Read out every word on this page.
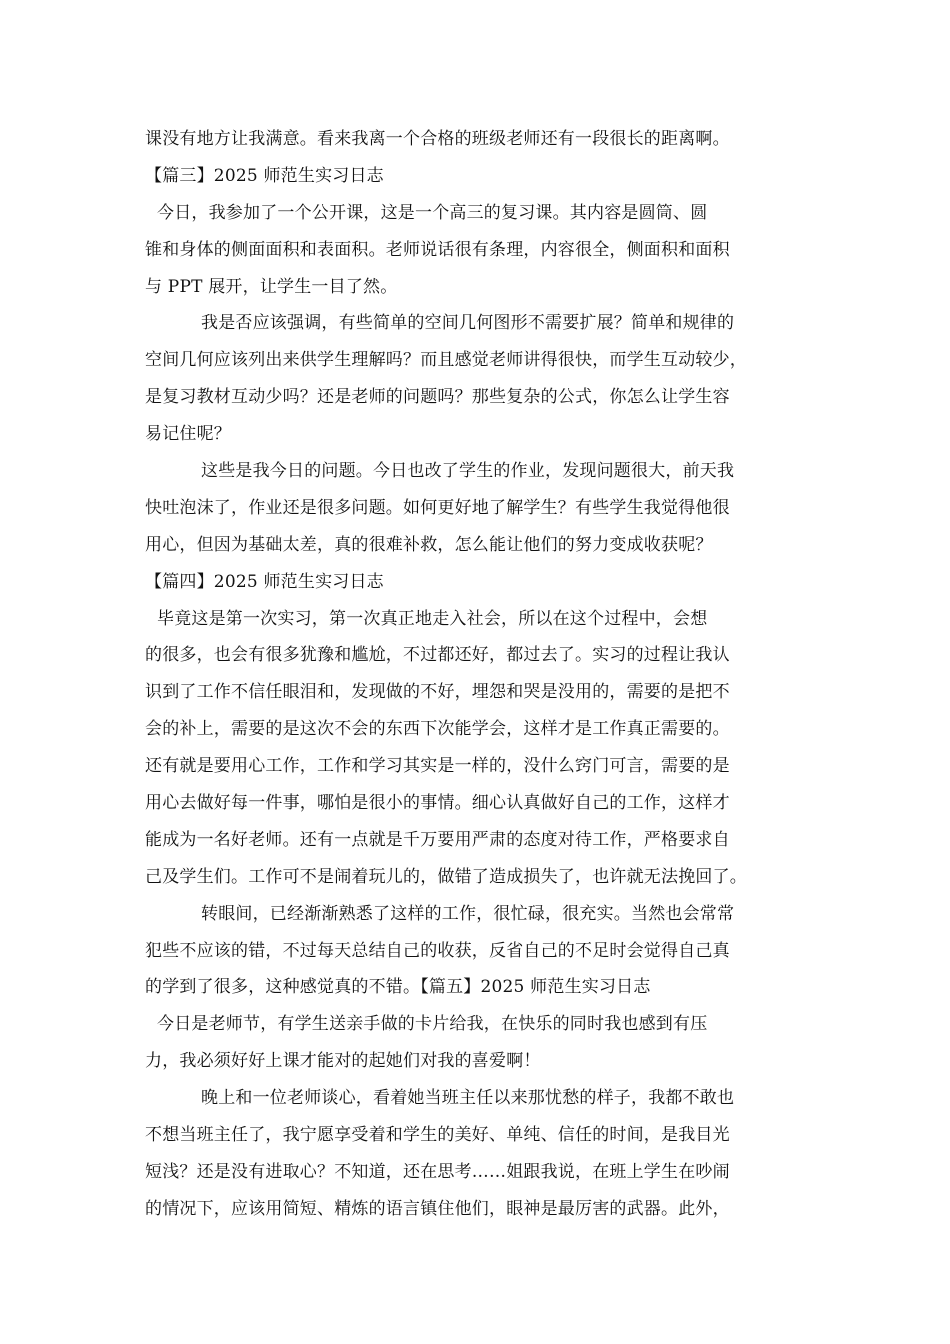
课没有地方让我满意。看来我离一个合格的班级老师还有一段很长的距离啊。
【篇三】2025 师范生实习日志
今日，我参加了一个公开课，这是一个高三的复习课。其内容是圆筒、圆
锥和身体的侧面面积和表面积。老师说话很有条理，内容很全，侧面积和面积
与 PPT 展开，让学生一目了然。
我是否应该强调，有些简单的空间几何图形不需要扩展？简单和规律的
空间几何应该列出来供学生理解吗？而且感觉老师讲得很快，而学生互动较少，
是复习教材互动少吗？还是老师的问题吗？那些复杂的公式，你怎么让学生容
易记住呢？
这些是我今日的问题。今日也改了学生的作业，发现问题很大，前天我
快吐泡沫了，作业还是很多问题。如何更好地了解学生？有些学生我觉得他很
用心，但因为基础太差，真的很难补救，怎么能让他们的努力变成收获呢？
【篇四】2025 师范生实习日志
毕竟这是第一次实习，第一次真正地走入社会，所以在这个过程中，会想
的很多，也会有很多犹豫和尴尬，不过都还好，都过去了。实习的过程让我认
识到了工作不信任眼泪和，发现做的不好，埋怨和哭是没用的，需要的是把不
会的补上，需要的是这次不会的东西下次能学会，这样才是工作真正需要的。
还有就是要用心工作，工作和学习其实是一样的，没什么窍门可言，需要的是
用心去做好每一件事，哪怕是很小的事情。细心认真做好自己的工作，这样才
能成为一名好老师。还有一点就是千万要用严肃的态度对待工作，严格要求自
己及学生们。工作可不是闹着玩儿的，做错了造成损失了，也许就无法挽回了。
转眼间，已经渐渐熟悉了这样的工作，很忙碌，很充实。当然也会常常
犯些不应该的错，不过每天总结自己的收获，反省自己的不足时会觉得自己真
的学到了很多，这种感觉真的不错。【篇五】2025 师范生实习日志
今日是老师节，有学生送亲手做的卡片给我，在快乐的同时我也感到有压
力，我必须好好上课才能对的起她们对我的喜爱啊！
晚上和一位老师谈心，看着她当班主任以来那忧愁的样子，我都不敢也
不想当班主任了，我宁愿享受着和学生的美好、单纯、信任的时间，是我目光
短浅？还是没有进取心？不知道，还在思考……姐跟我说，在班上学生在吵闹
的情况下，应该用简短、精炼的语言镇住他们，眼神是最厉害的武器。此外，
